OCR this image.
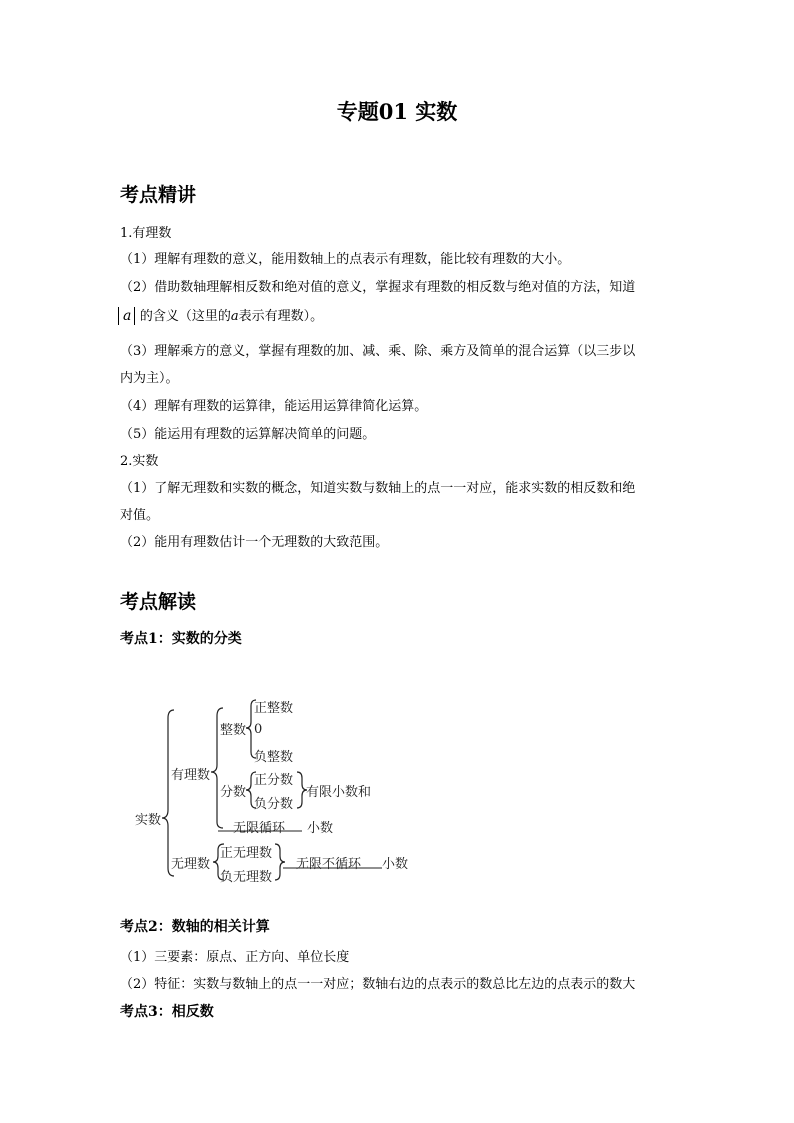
专题01 实数
考点精讲
1.有理数
（1）理解有理数的意义，能用数轴上的点表示有理数，能比较有理数的大小。
（2）借助数轴理解相反数和绝对值的意义，掌握求有理数的相反数与绝对值的方法，知道
a 的含义（这里的a表示有理数）。
（3）理解乘方的意义，掌握有理数的加、减、乘、除、乘方及简单的混合运算（以三步以
内为主）。
（4）理解有理数的运算律，能运用运算律简化运算。
（5）能运用有理数的运算解决简单的问题。
2.实数
（1）了解无理数和实数的概念，知道实数与数轴上的点一一对应，能求实数的相反数和绝
对值。
（2）能用有理数估计一个无理数的大致范围。
考点解读
考点1：实数的分类
实数
有理数
整数
正整数
0
负整数
分数
正分数
负分数
有限小数和
无限循环 小数
无理数
正无理数
负无理数
无限不循环 小数
考点2：数轴的相关计算
（1）三要素：原点、正方向、单位长度
（2）特征：实数与数轴上的点一一对应；数轴右边的点表示的数总比左边的点表示的数大
考点3：相反数
